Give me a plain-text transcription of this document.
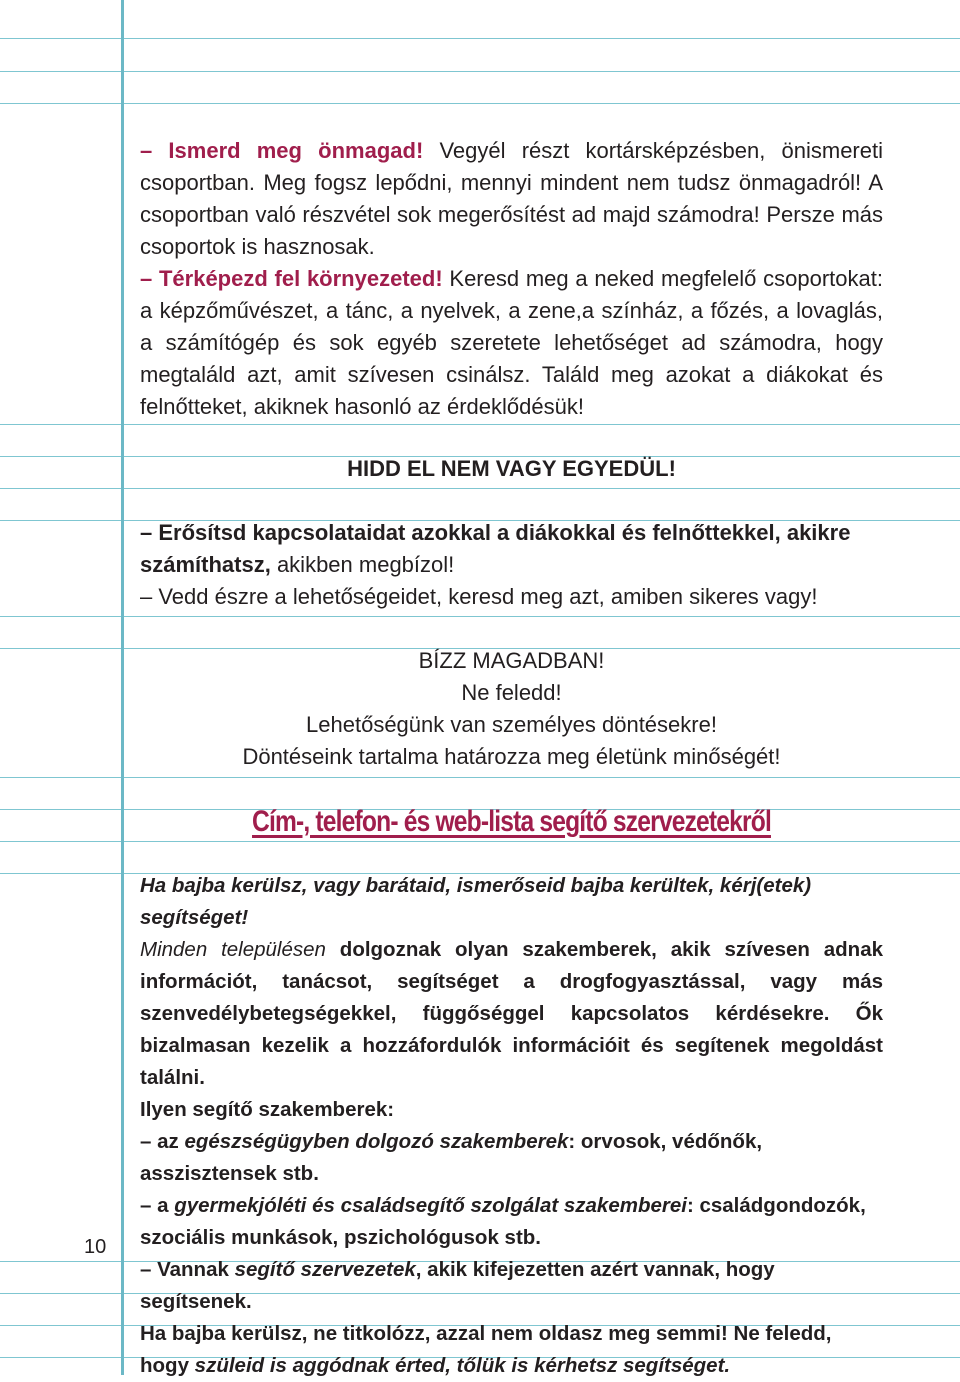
– Ismerd meg önmagad! Vegyél részt kortársképzésben, önismereti csoportban. Meg fogsz lepődni, mennyi mindent nem tudsz önmagadról! A csoportban való részvétel sok megerősítést ad majd számodra! Persze más csoportok is hasznosak.

– Térképezd fel környezeted! Keresd meg a neked megfelelő csoportokat: a képzőművészet, a tánc, a nyelvek, a zene,a színház, a főzés, a lovaglás, a számítógép és sok egyéb szeretete lehetőséget ad számodra, hogy megtaláld azt, amit szívesen csinálsz. Találd meg azokat a diákokat és felnőtteket, akiknek hasonló az érdeklődésük!

HIDD EL NEM VAGY EGYEDÜL!

– Erősítsd kapcsolataidat azokkal a diákokkal és felnőttekkel, akikre számíthatsz, akikben megbízol!

– Vedd észre a lehetőségeidet, keresd meg azt, amiben sikeres vagy!

BÍZZ MAGADBAN!

Ne feledd!

Lehetőségünk van személyes döntésekre!

Döntéseink tartalma határozza meg életünk minőségét!

Cím-, telefon- és web-lista segítő szervezetekről

Ha bajba kerülsz, vagy barátaid, ismerőseid bajba kerültek, kérj(etek) segítséget!

Minden településen dolgoznak olyan szakemberek, akik szívesen adnak információt, tanácsot, segítséget a drogfogyasztással, vagy más szenvedélybetegségekkel, függőséggel kapcsolatos kérdésekre. Ők bizalmasan kezelik a hozzáfordulók információit és segítenek megoldást találni.

Ilyen segítő szakemberek:

– az egészségügyben dolgozó szakemberek: orvosok, védőnők, asszisztensek stb.

– a gyermekjóléti és családsegítő szolgálat szakemberei: családgondozók, szociális munkások, pszichológusok stb.

– Vannak segítő szervezetek, akik kifejezetten azért vannak, hogy segítsenek.

Ha bajba kerülsz, ne titkolózz, azzal nem oldasz meg semmi! Ne feledd, hogy szüleid is aggódnak érted, tőlük is kérhetsz segítséget.

10
